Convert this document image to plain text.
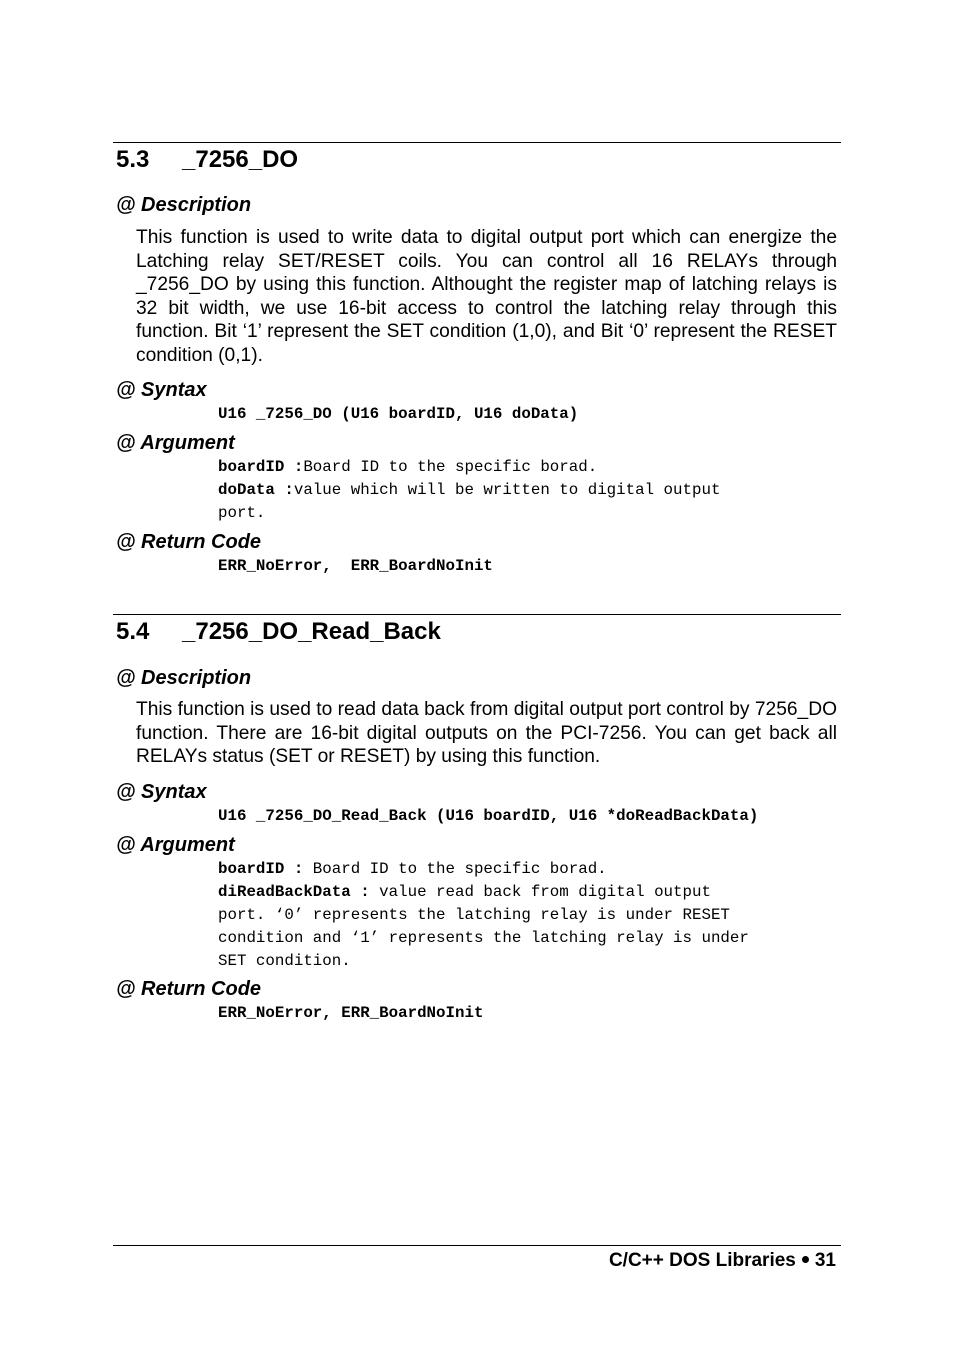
5.3 _7256_DO
@ Description

This function is used to write data to digital output port which can energize the Latching relay SET/RESET coils. You can control all 16 RELAYs through _7256_DO by using this function. Althought the register map of latching relays is 32 bit width, we use 16-bit access to control the latching relay through this function. Bit ‘1’ represent the SET condition (1,0), and Bit ‘0’ represent the RESET condition (0,1).

@ Syntax
U16 _7256_DO (U16 boardID, U16 doData)
@ Argument
boardID :Board ID to the specific borad.
doData :value which will be written to digital output
port.
@ Return Code
ERR_NoError,  ERR_BoardNoInit
5.4 _7256_DO_Read_Back
@ Description

This function is used to read data back from digital output port control by 7256_DO function. There are 16-bit digital outputs on the PCI-7256. You can get back all RELAYs status (SET or RESET) by using this function.

@ Syntax
U16 _7256_DO_Read_Back (U16 boardID, U16 *doReadBackData)
@ Argument
boardID : Board ID to the specific borad.
diReadBackData : value read back from digital output
port. ‘0’ represents the latching relay is under RESET
condition and ‘1’ represents the latching relay is under
SET condition.
@ Return Code
ERR_NoError, ERR_BoardNoInit
C/C++ DOS Libraries 31
